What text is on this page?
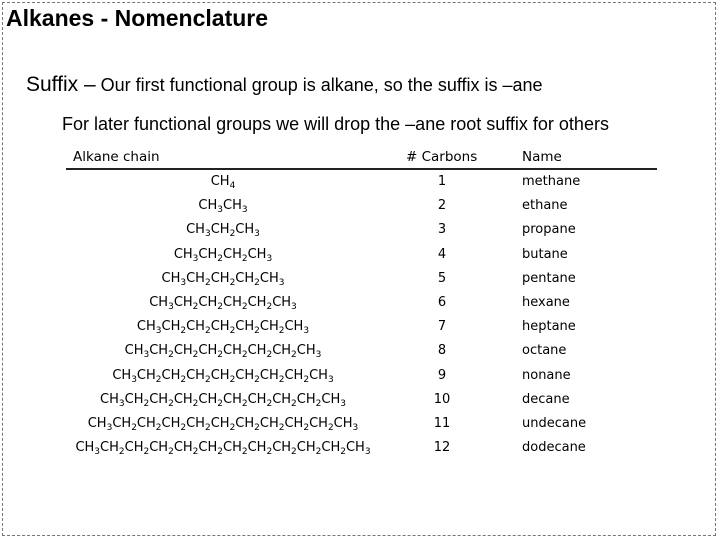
Alkanes - Nomenclature

Suffix – Our first functional group is alkane, so the suffix is –ane

For later functional groups we will drop the –ane root suffix for others

Alkane chain	# Carbons	Name
$CH_4$	1	methane
$CH_3CH_3$	2	ethane
$CH_3CH_2CH_3$	3	propane
$CH_3CH_2CH_2CH_3$	4	butane
$CH_3CH_2CH_2CH_2CH_3$	5	pentane
$CH_3CH_2CH_2CH_2CH_2CH_3$	6	hexane
$CH_3CH_2CH_2CH_2CH_2CH_2CH_3$	7	heptane
$CH_3CH_2CH_2CH_2CH_2CH_2CH_2CH_3$	8	octane
$CH_3CH_2CH_2CH_2CH_2CH_2CH_2CH_2CH_3$	9	nonane
$CH_3CH_2CH_2CH_2CH_2CH_2CH_2CH_2CH_2CH_3$	10	decane
$CH_3CH_2CH_2CH_2CH_2CH_2CH_2CH_2CH_2CH_2CH_3$	11	undecane
$CH_3CH_2CH_2CH_2CH_2CH_2CH_2CH_2CH_2CH_2CH_2CH_3$	12	dodecane
